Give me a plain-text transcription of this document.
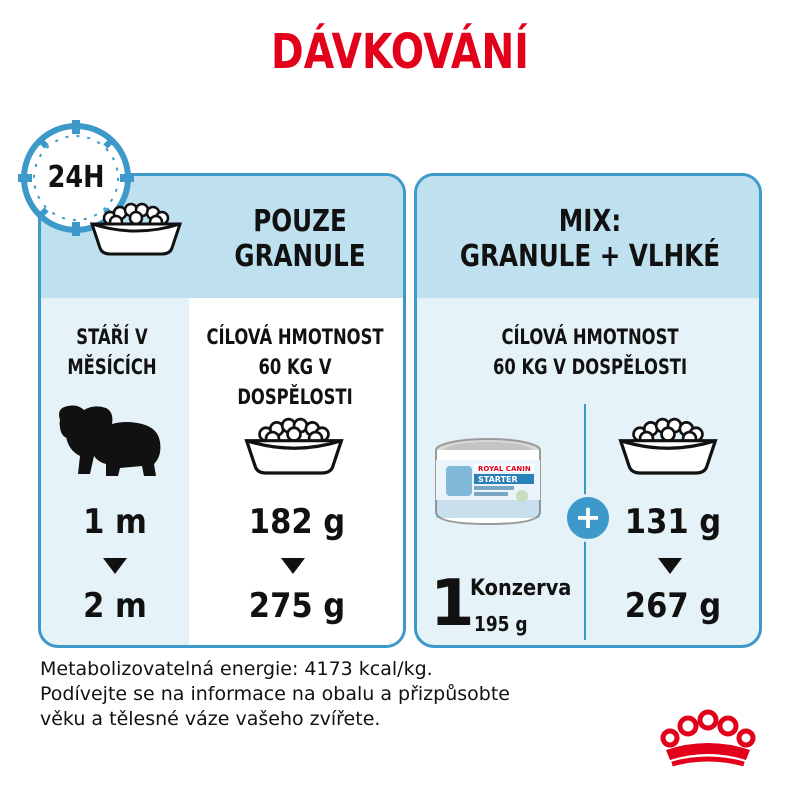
DÁVKOVÁNÍ
24H
POUZE
GRANULE
MIX:
GRANULE + VLHKÉ
STÁŘÍ V
MĚSÍCÍCH
CÍLOVÁ HMOTNOST
60 KG V DOSPĚLOSTI
1 m
2 m
182 g
275 g
CÍLOVÁ HMOTNOST
60 KG V DOSPĚLOSTI
ROYAL CANIN
STARTER
+
1
Konzerva
195 g
131 g
267 g
Metabolizovatelná energie: 4173 kcal/kg.
Podívejte se na informace na obalu a přizpůsobte
věku a tělesné váze vašeho zvířete.
